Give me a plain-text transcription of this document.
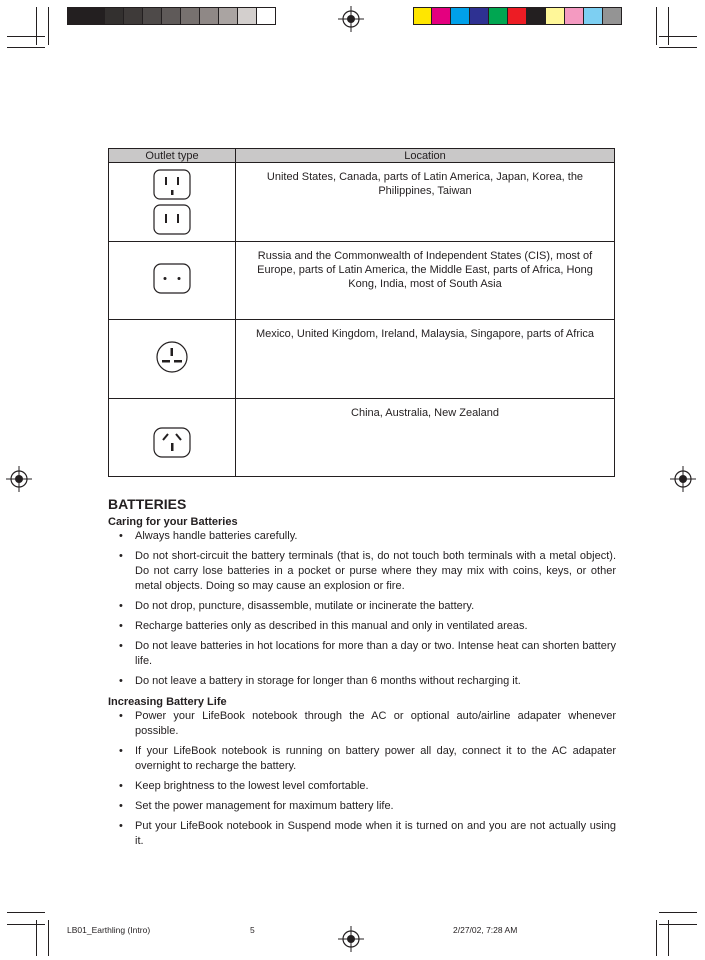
Outlet type	Location
	United States, Canada, parts of Latin America, Japan, Korea, the Philippines, Taiwan
	Russia and the Commonwealth of Independent States (CIS), most of Europe, parts of Latin America, the Middle East, parts of Africa, Hong Kong, India, most of South Asia
	Mexico, United Kingdom, Ireland, Malaysia, Singapore, parts of Africa
	China, Australia, New Zealand
BATTERIES
Caring for your Batteries
• Always handle batteries carefully.
• Do not short-circuit the battery terminals (that is, do not touch both terminals with a metal object). Do not carry lose batteries in a pocket or purse where they may mix with coins, keys, or other metal objects. Doing so may cause an explosion or fire.
• Do not drop, puncture, disassemble, mutilate or incinerate the battery.
• Recharge batteries only as described in this manual and only in ventilated areas.
• Do not leave batteries in hot locations for more than a day or two. Intense heat can shorten battery life.
• Do not leave a battery in storage for longer than 6 months without recharging it.
Increasing Battery Life
• Power your LifeBook notebook through the AC or optional auto/airline adapater whenever possible.
• If your LifeBook notebook is running on battery power all day, connect it to the AC adapater overnight to recharge the battery.
• Keep brightness to the lowest level comfortable.
• Set the power management for maximum battery life.
• Put your LifeBook notebook in Suspend mode when it is turned on and you are not actually using it.
LB01_Earthling (Intro)	5	2/27/02, 7:28 AM
